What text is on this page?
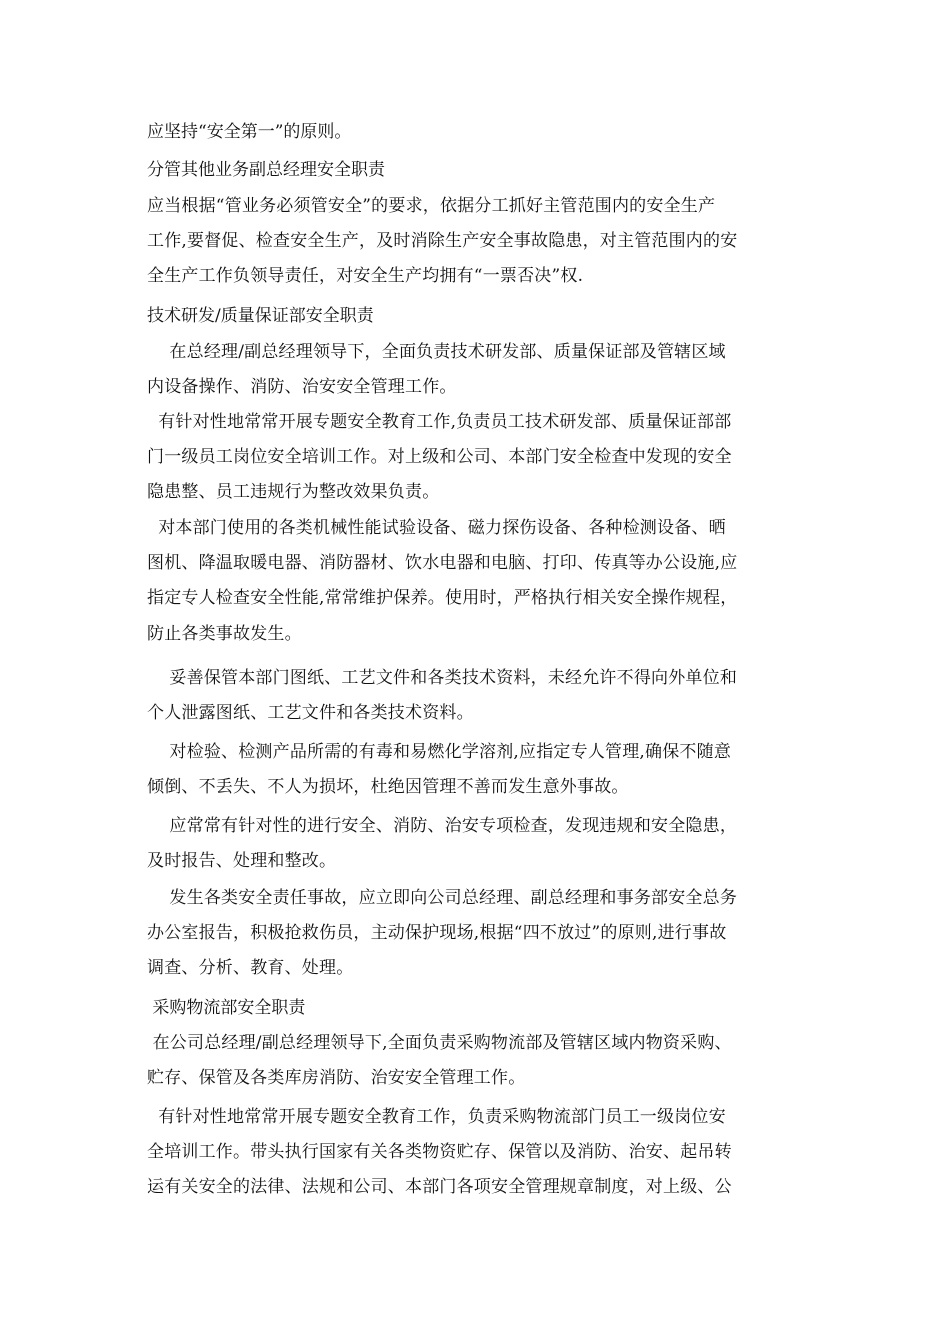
应坚持“安全第一”的原则。
分管其他业务副总经理安全职责
应当根据“管业务必须管安全”的要求，依据分工抓好主管范围内的安全生产
工作,要督促、检查安全生产，及时消除生产安全事故隐患，对主管范围内的安
全生产工作负领导责任，对安全生产均拥有“一票否决”权.
技术研发/质量保证部安全职责
在总经理/副总经理领导下，全面负责技术研发部、质量保证部及管辖区域
内设备操作、消防、治安安全管理工作。
有针对性地常常开展专题安全教育工作,负责员工技术研发部、质量保证部部
门一级员工岗位安全培训工作。对上级和公司、本部门安全检查中发现的安全
隐患整、员工违规行为整改效果负责。
对本部门使用的各类机械性能试验设备、磁力探伤设备、各种检测设备、晒
图机、降温取暖电器、消防器材、饮水电器和电脑、打印、传真等办公设施,应
指定专人检查安全性能,常常维护保养。使用时，严格执行相关安全操作规程，
防止各类事故发生。
妥善保管本部门图纸、工艺文件和各类技术资料，未经允许不得向外单位和
个人泄露图纸、工艺文件和各类技术资料。
对检验、检测产品所需的有毒和易燃化学溶剂,应指定专人管理,确保不随意
倾倒、不丢失、不人为损坏，杜绝因管理不善而发生意外事故。
应常常有针对性的进行安全、消防、治安专项检查，发现违规和安全隐患，
及时报告、处理和整改。
发生各类安全责任事故，应立即向公司总经理、副总经理和事务部安全总务
办公室报告，积极抢救伤员，主动保护现场,根据“四不放过”的原则,进行事故
调查、分析、教育、处理。
采购物流部安全职责
在公司总经理/副总经理领导下,全面负责采购物流部及管辖区域内物资采购、
贮存、保管及各类库房消防、治安安全管理工作。
有针对性地常常开展专题安全教育工作，负责采购物流部门员工一级岗位安
全培训工作。带头执行国家有关各类物资贮存、保管以及消防、治安、起吊转
运有关安全的法律、法规和公司、本部门各项安全管理规章制度，对上级、公
